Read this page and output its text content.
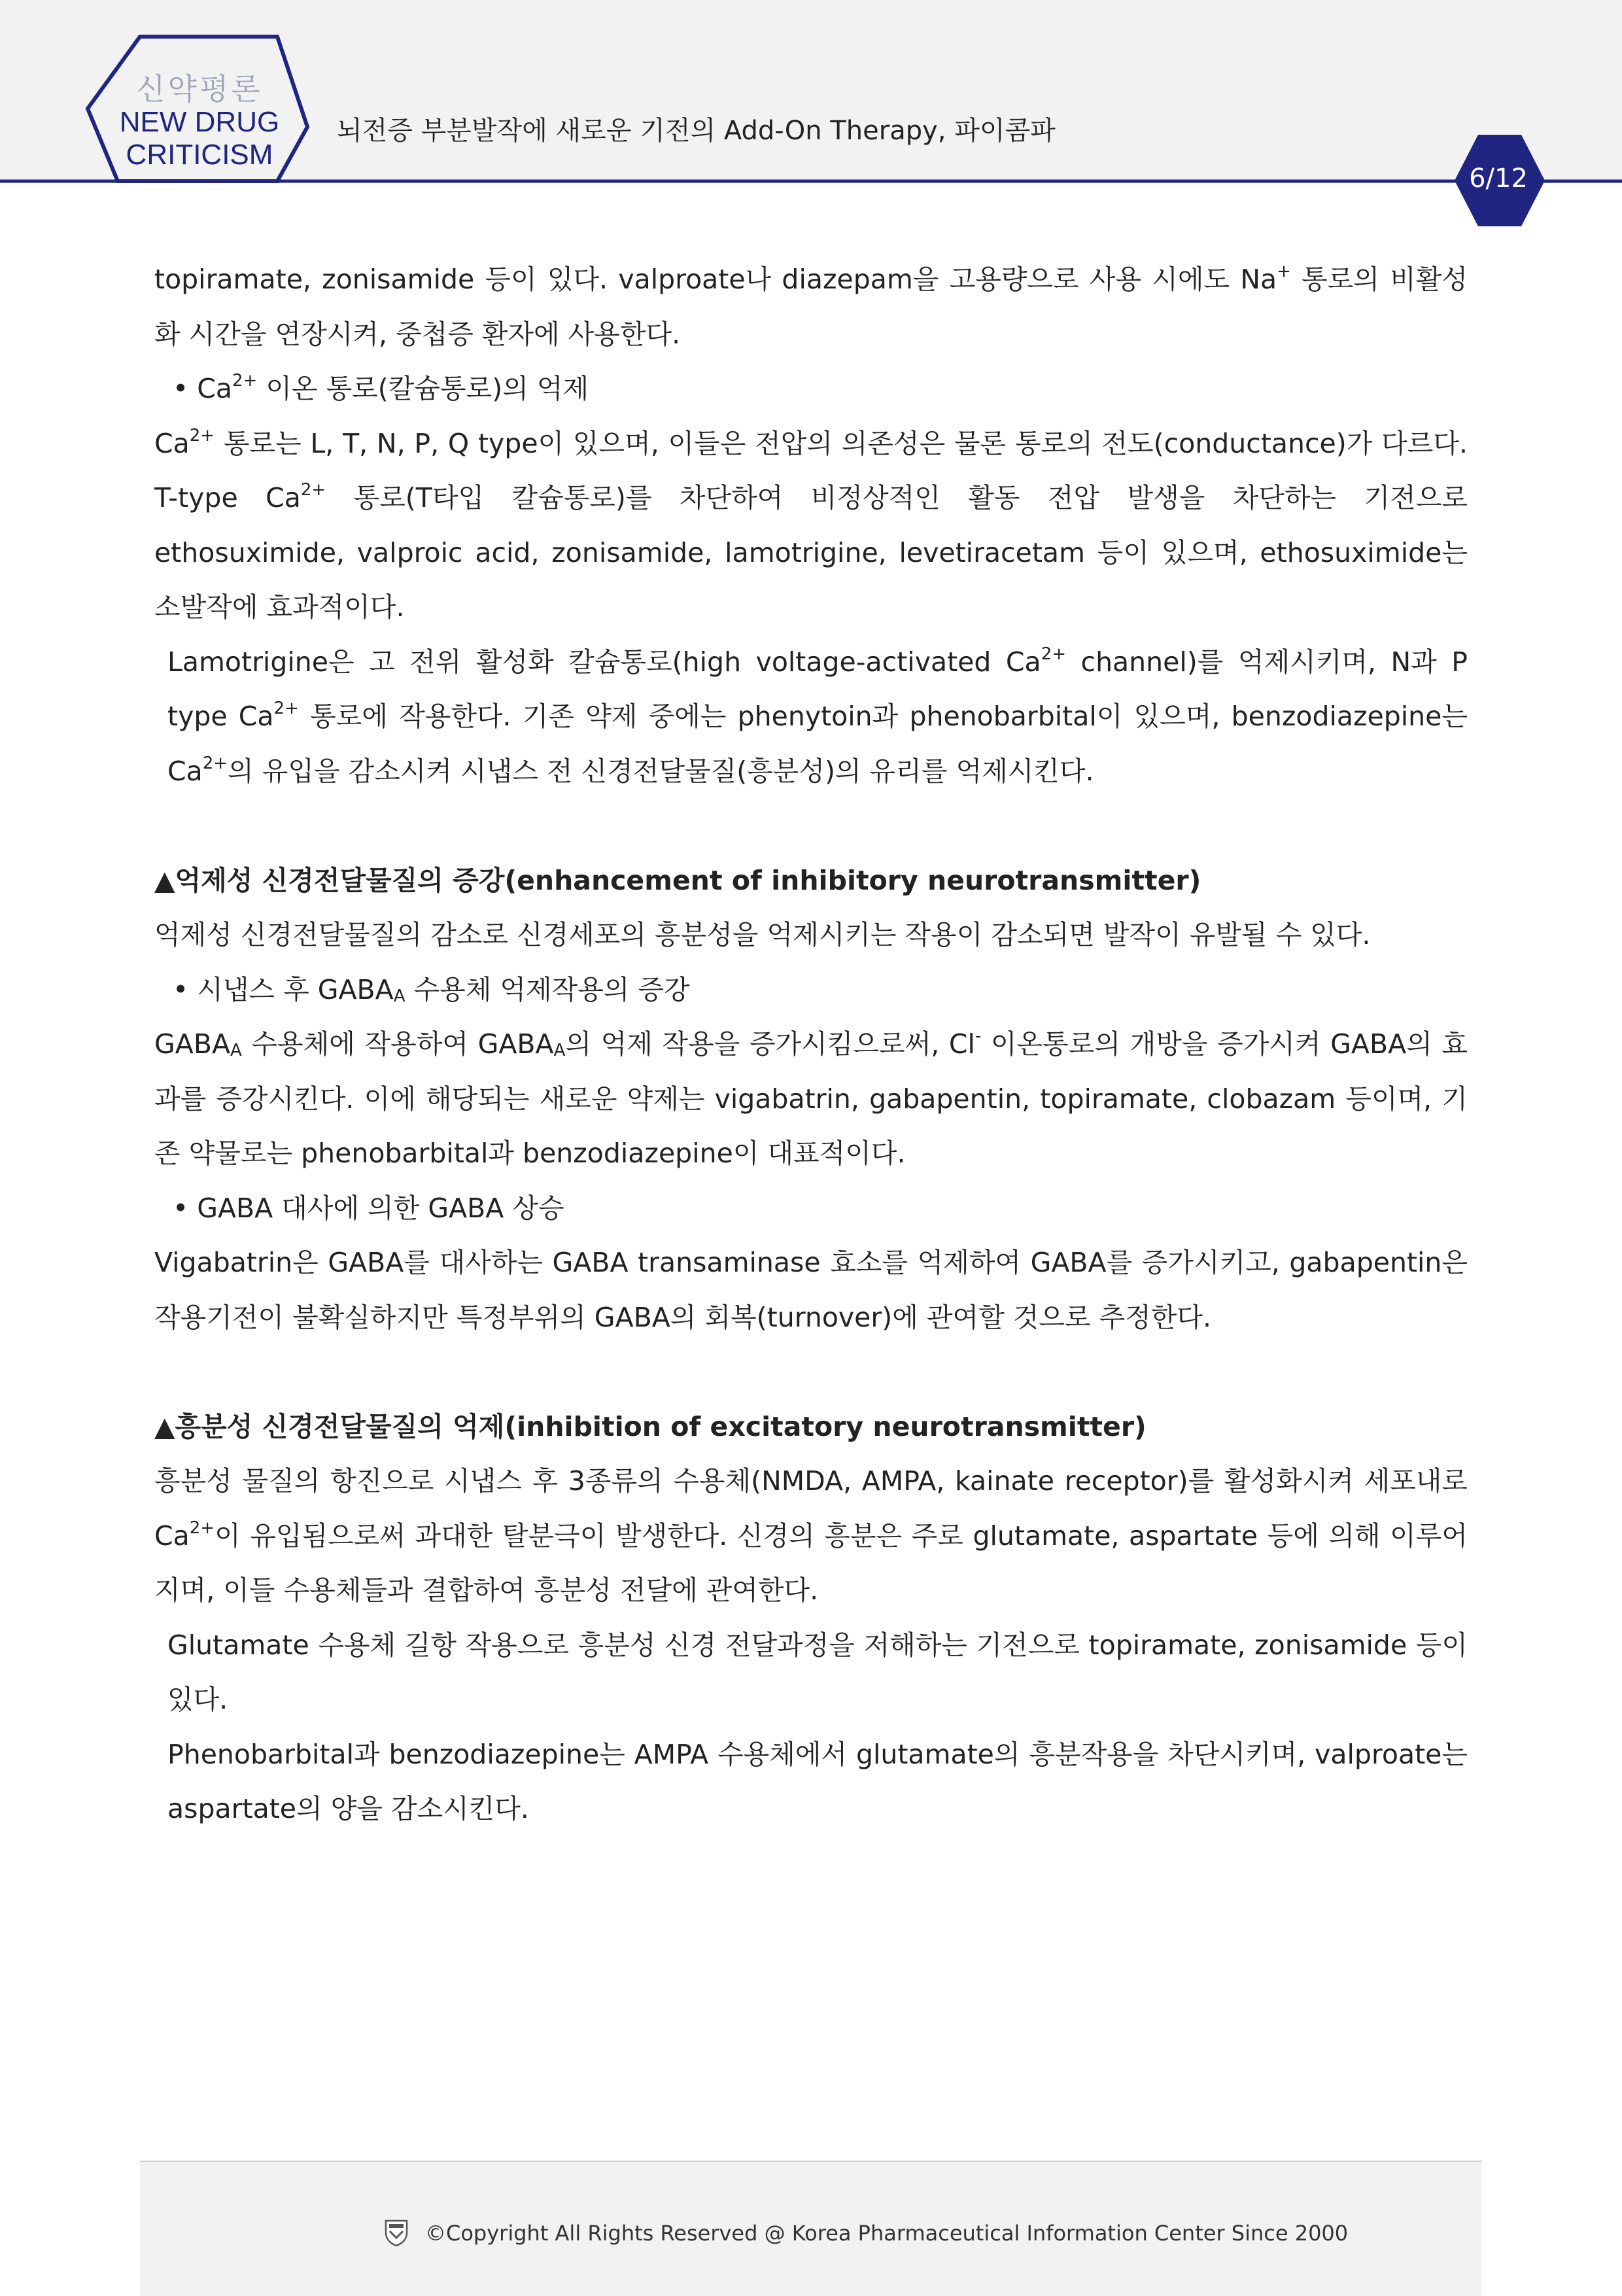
신약평론
NEW DRUG
CRITICISM
뇌전증 부분발작에 새로운 기전의 Add-On Therapy, 파이콤파
6/12

topiramate, zonisamide 등이 있다. valproate나 diazepam을 고용량으로 사용 시에도 Na+ 통로의 비활성화 시간을 연장시켜, 중첩증 환자에 사용한다.

• $Ca^{2+}$ 이온 통로(칼슘통로)의 억제

$Ca^{2+}$ 통로는 L, T, N, P, Q type이 있으며, 이들은 전압의 의존성은 물론 통로의 전도(conductance)가 다르다. T-type $Ca^{2+}$ 통로(T타입 칼슘통로)를 차단하여 비정상적인 활동 전압 발생을 차단하는 기전으로 ethosuximide, valproic acid, zonisamide, lamotrigine, levetiracetam 등이 있으며, ethosuximide는 소발작에 효과적이다.

Lamotrigine은 고 전위 활성화 칼슘통로(high voltage-activated $Ca^{2+}$ channel)를 억제시키며, N과 P type $Ca^{2+}$ 통로에 작용한다. 기존 약제 중에는 phenytoin과 phenobarbital이 있으며, benzodiazepine는 $Ca^{2+}$의 유입을 감소시켜 시냅스 전 신경전달물질(흥분성)의 유리를 억제시킨다.

▲억제성 신경전달물질의 증강(enhancement of inhibitory neurotransmitter)

억제성 신경전달물질의 감소로 신경세포의 흥분성을 억제시키는 작용이 감소되면 발작이 유발될 수 있다.

• 시냅스 후 $GABA_A$ 수용체 억제작용의 증강

$GABA_A$ 수용체에 작용하여 $GABA_A$의 억제 작용을 증가시킴으로써, Cl- 이온통로의 개방을 증가시켜 GABA의 효과를 증강시킨다. 이에 해당되는 새로운 약제는 vigabatrin, gabapentin, topiramate, clobazam 등이며, 기존 약물로는 phenobarbital과 benzodiazepine이 대표적이다.

• GABA 대사에 의한 GABA 상승

Vigabatrin은 GABA를 대사하는 GABA transaminase 효소를 억제하여 GABA를 증가시키고, gabapentin은 작용기전이 불확실하지만 특정부위의 GABA의 회복(turnover)에 관여할 것으로 추정한다.

▲흥분성 신경전달물질의 억제(inhibition of excitatory neurotransmitter)

흥분성 물질의 항진으로 시냅스 후 3종류의 수용체(NMDA, AMPA, kainate receptor)를 활성화시켜 세포내로 $Ca^{2+}$이 유입됨으로써 과대한 탈분극이 발생한다. 신경의 흥분은 주로 glutamate, aspartate 등에 의해 이루어지며, 이들 수용체들과 결합하여 흥분성 전달에 관여한다.

Glutamate 수용체 길항 작용으로 흥분성 신경 전달과정을 저해하는 기전으로 topiramate, zonisamide 등이 있다.

Phenobarbital과 benzodiazepine는 AMPA 수용체에서 glutamate의 흥분작용을 차단시키며, valproate는 aspartate의 양을 감소시킨다.

©Copyright All Rights Reserved @ Korea Pharmaceutical Information Center Since 2000
